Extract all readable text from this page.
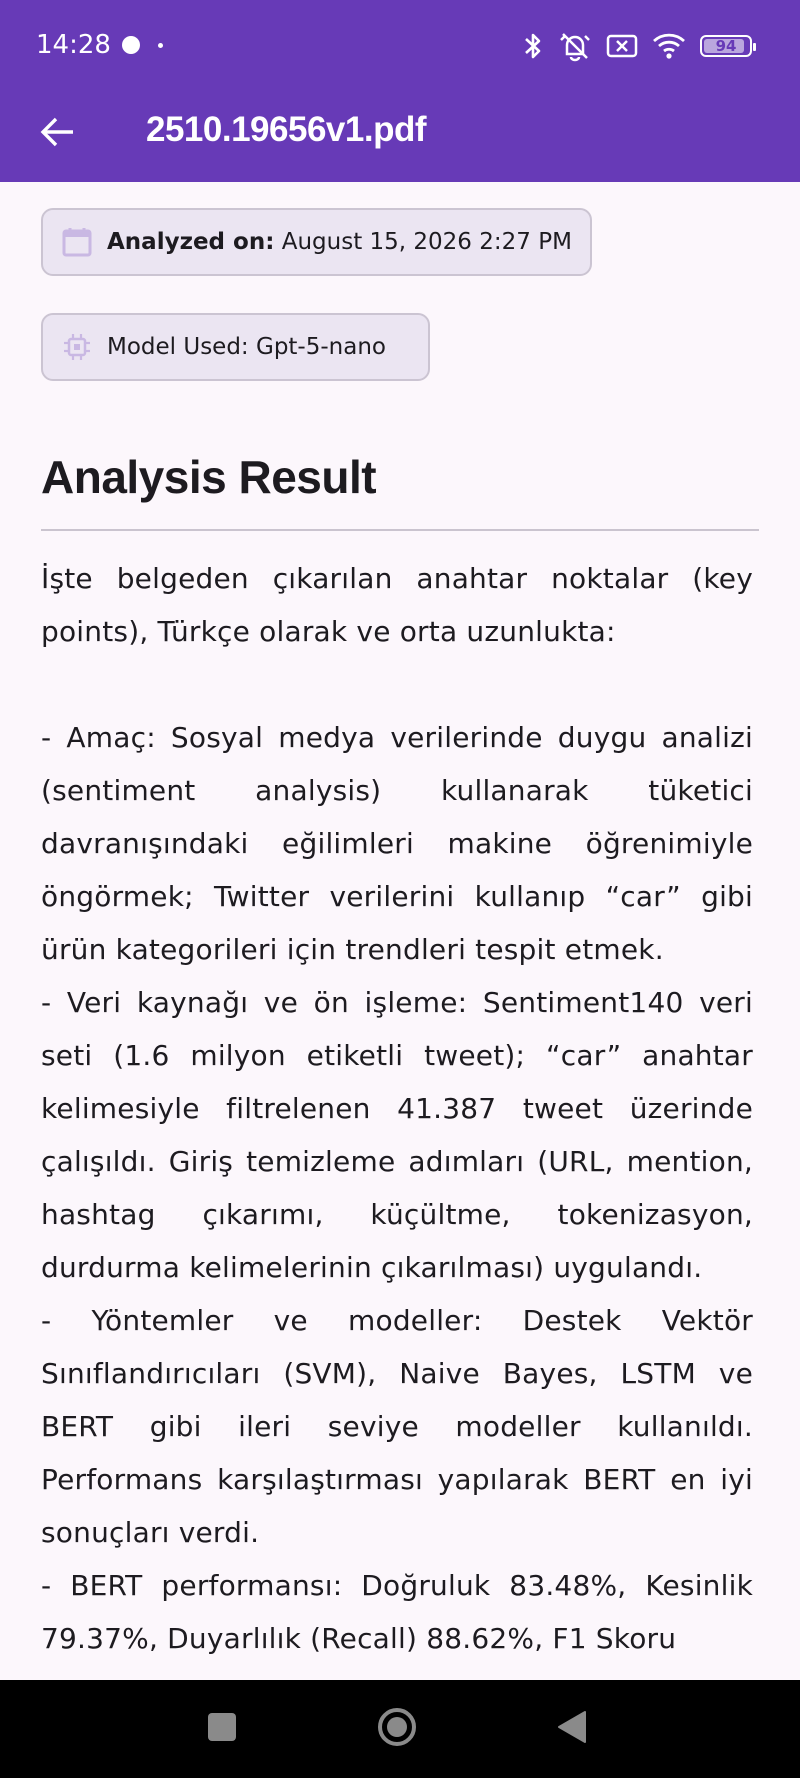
14:28	94
2510.19656v1.pdf
Analyzed on: August 15, 2026 2:27 PM
Model Used: Gpt-5-nano
Analysis Result
İşte belgeden çıkarılan anahtar noktalar (key points), Türkçe olarak ve orta uzunlukta:

- Amaç: Sosyal medya verilerinde duygu analizi (sentiment analysis) kullanarak tüketici davranışındaki eğilimleri makine öğrenimiyle öngörmek; Twitter verilerini kullanıp “car” gibi ürün kategorileri için trendleri tespit etmek.
- Veri kaynağı ve ön işleme: Sentiment140 veri seti (1.6 milyon etiketli tweet); “car” anahtar kelimesiyle filtrelenen 41.387 tweet üzerinde çalışıldı. Giriş temizleme adımları (URL, mention, hashtag çıkarımı, küçültme, tokenizasyon, durdurma kelimelerinin çıkarılması) uygulandı.
- Yöntemler ve modeller: Destek Vektör Sınıflandırıcıları (SVM), Naive Bayes, LSTM ve BERT gibi ileri seviye modeller kullanıldı. Performans karşılaştırması yapılarak BERT en iyi sonuçları verdi.
- BERT performansı: Doğruluk 83.48%, Kesinlik 79.37%, Duyarlılık (Recall) 88.62%, F1 Skoru
